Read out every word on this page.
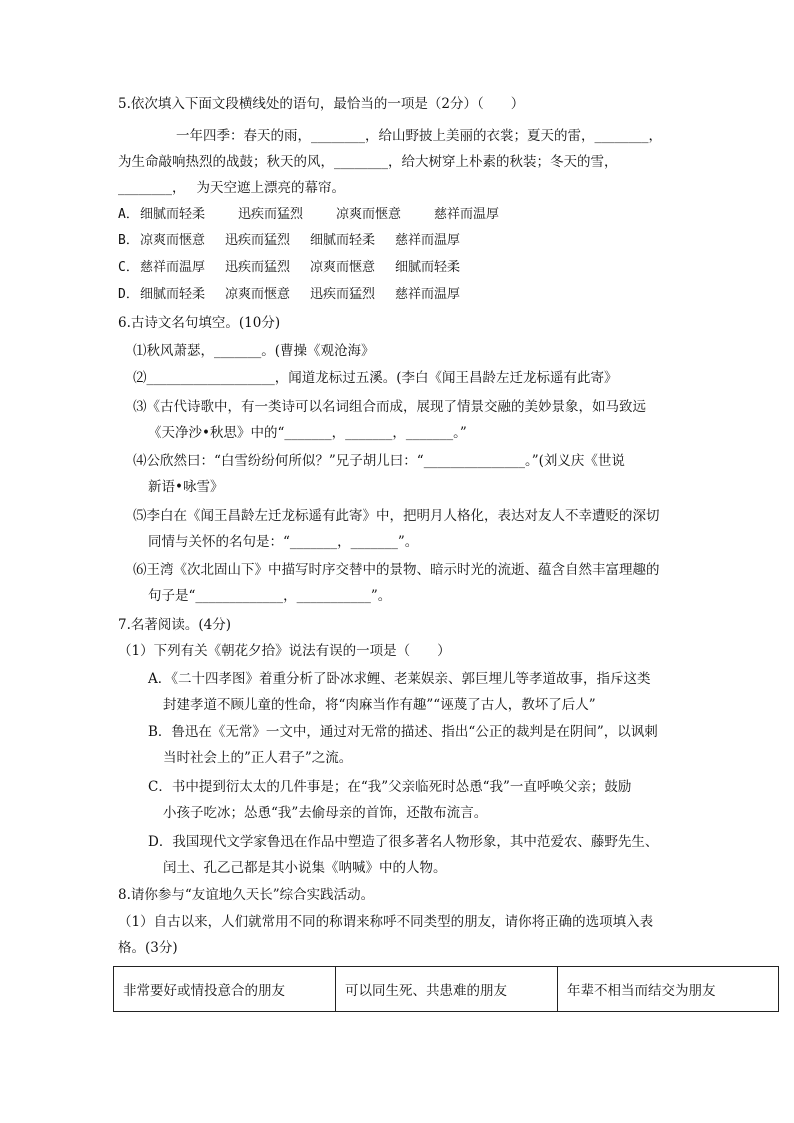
5.依次填入下面文段横线处的语句，最恰当的一项是（2分）（　　）
一年四季：春天的雨，________，给山野披上美丽的衣裳；夏天的雷，________，
为生命敲响热烈的战鼓；秋天的风，________，给大树穿上朴素的秋装；冬天的雪，
________，　 为天空遮上漂亮的幕帘。
A．细腻而轻柔	迅疾而猛烈	凉爽而惬意	慈祥而温厚
B．凉爽而惬意 迅疾而猛烈 细腻而轻柔 慈祥而温厚
C．慈祥而温厚 迅疾而猛烈 凉爽而惬意 细腻而轻柔
D．细腻而轻柔 凉爽而惬意 迅疾而猛烈 慈祥而温厚
6.古诗文名句填空。(10分)
⑴秋风萧瑟，_______。(曹操《观沧海》
⑵___________________，闻道龙标过五溪。(李白《闻王昌龄左迁龙标遥有此寄》
⑶《古代诗歌中，有一类诗可以名词组合而成，展现了情景交融的美妙景象，如马致远
《天净沙•秋思》中的“_______，_______，_______。”
⑷公欣然曰：“白雪纷纷何所似？”兄子胡儿曰：“_______________。”(刘义庆《世说
新语•咏雪》
⑸李白在《闻王昌龄左迁龙标遥有此寄》中，把明月人格化，表达对友人不幸遭贬的深切
同情与关怀的名句是：“_______，_______”。
⑹王湾《次北固山下》中描写时序交替中的景物、暗示时光的流逝、蕴含自然丰富理趣的
句子是“_____________，___________”。
7.名著阅读。(4分)
（1）下列有关《朝花夕拾》说法有误的一项是（　　）
A．《二十四孝图》着重分析了卧冰求鲤、老莱娱亲、郭巨埋儿等孝道故事，指斥这类
封建孝道不顾儿童的性命，将“肉麻当作有趣”“诬蔑了古人，教坏了后人”
B．鲁迅在《无常》一文中，通过对无常的描述、指出“公正的裁判是在阴间”，以讽刺
当时社会上的”正人君子”之流。
C．书中提到衍太太的几件事是；在“我”父亲临死时怂恿“我”一直呼唤父亲；鼓励
小孩子吃冰；怂恿“我”去偷母亲的首饰，还散布流言。
D．我国现代文学家鲁迅在作品中塑造了很多著名人物形象，其中范爱农、藤野先生、
闰土、孔乙己都是其小说集《呐喊》中的人物。
8.请你参与“友谊地久天长”综合实践活动。
（1）自古以来，人们就常用不同的称谓来称呼不同类型的朋友，请你将正确的选项填入表
格。(3分)
非常要好或情投意合的朋友	可以同生死、共患难的朋友	年辈不相当而结交为朋友
